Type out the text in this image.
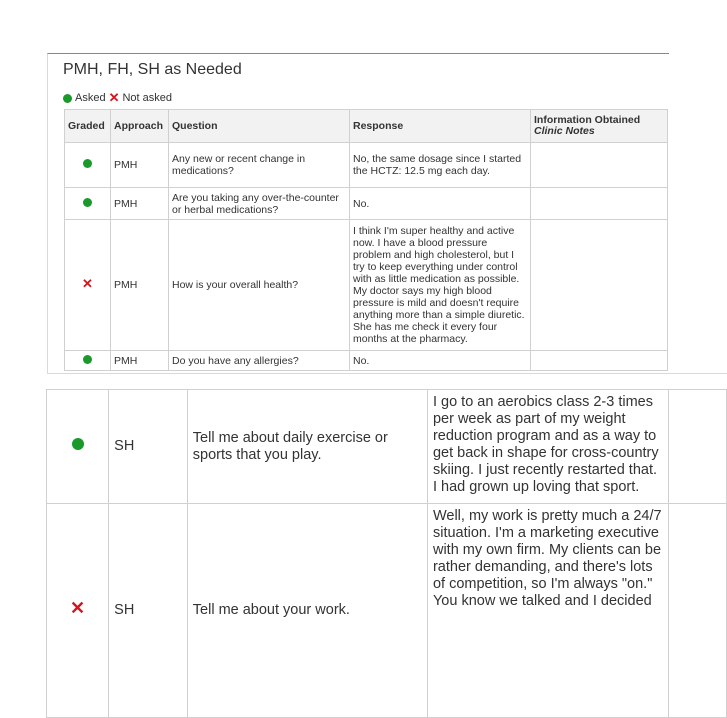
PMH, FH, SH as Needed
Asked ✕ Not asked
Graded	Approach	Question	Response	Information Obtained
Clinic Notes
	PMH	Any new or recent change in medications?	No, the same dosage since I started the HCTZ: 12.5 mg each day.	
	PMH	Are you taking any over-the-counter or herbal medications?	No.	
✕	PMH	How is your overall health?	I think I'm super healthy and active now. I have a blood pressure problem and high cholesterol, but I try to keep everything under control with as little medication as possible. My doctor says my high blood pressure is mild and doesn't require anything more than a simple diuretic. She has me check it every four months at the pharmacy.	
	PMH	Do you have any allergies?	No.	
	SH	Tell me about daily exercise or sports that you play.	I go to an aerobics class 2-3 times per week as part of my weight reduction program and as a way to get back in shape for cross-country skiing. I just recently restarted that. I had grown up loving that sport.	
✕	SH	Tell me about your work.	Well, my work is pretty much a 24/7 situation. I'm a marketing executive with my own firm. My clients can be rather demanding, and there's lots of competition, so I'm always "on." You know we talked and I decided	
